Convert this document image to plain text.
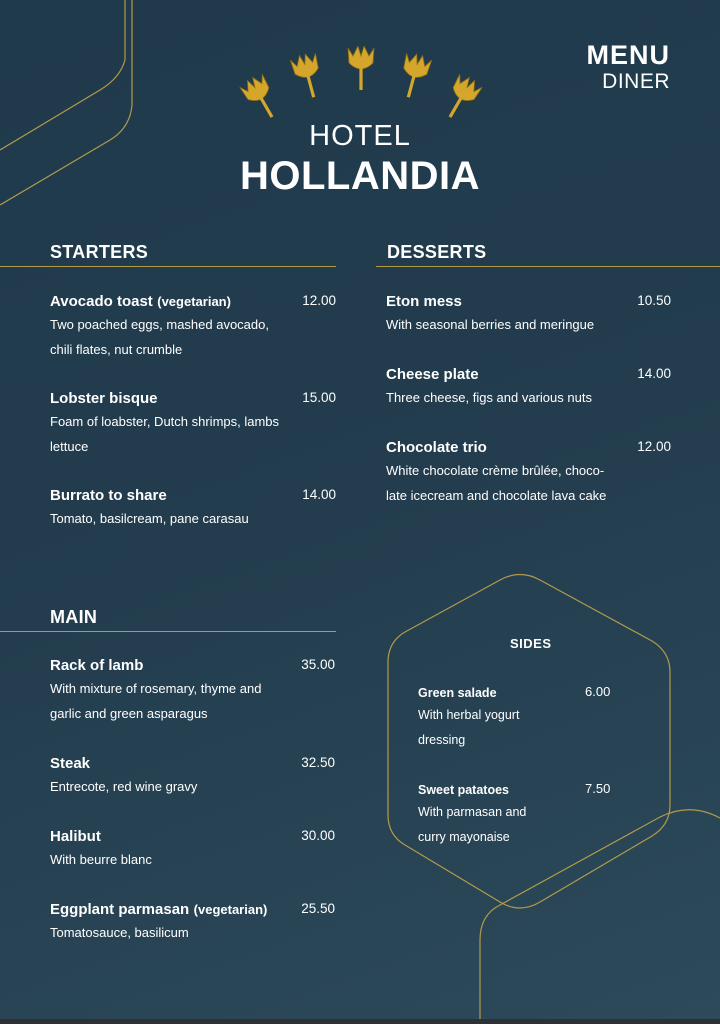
MENU
DINER
HOTEL
HOLLANDIA
STARTERS
Avocado toast (vegetarian)	12.00
Two poached eggs, mashed avocado,
chili flates, nut crumble
Lobster bisque	15.00
Foam of loabster, Dutch shrimps, lambs
lettuce
Burrato to share	14.00
Tomato, basilcream, pane carasau
DESSERTS
Eton mess	10.50
With seasonal berries and meringue
Cheese plate	14.00
Three cheese, figs and various nuts
Chocolate trio	12.00
White chocolate crème brûlée, choco-
late icecream and chocolate lava cake
MAIN
Rack of lamb	35.00
With mixture of rosemary, thyme and
garlic and green asparagus
Steak	32.50
Entrecote, red wine gravy
Halibut	30.00
With beurre blanc
Eggplant parmasan (vegetarian)	25.50
Tomatosauce, basilicum
SIDES
Green salade	6.00
With herbal yogurt
dressing
Sweet patatoes	7.50
With parmasan and
curry mayonaise
